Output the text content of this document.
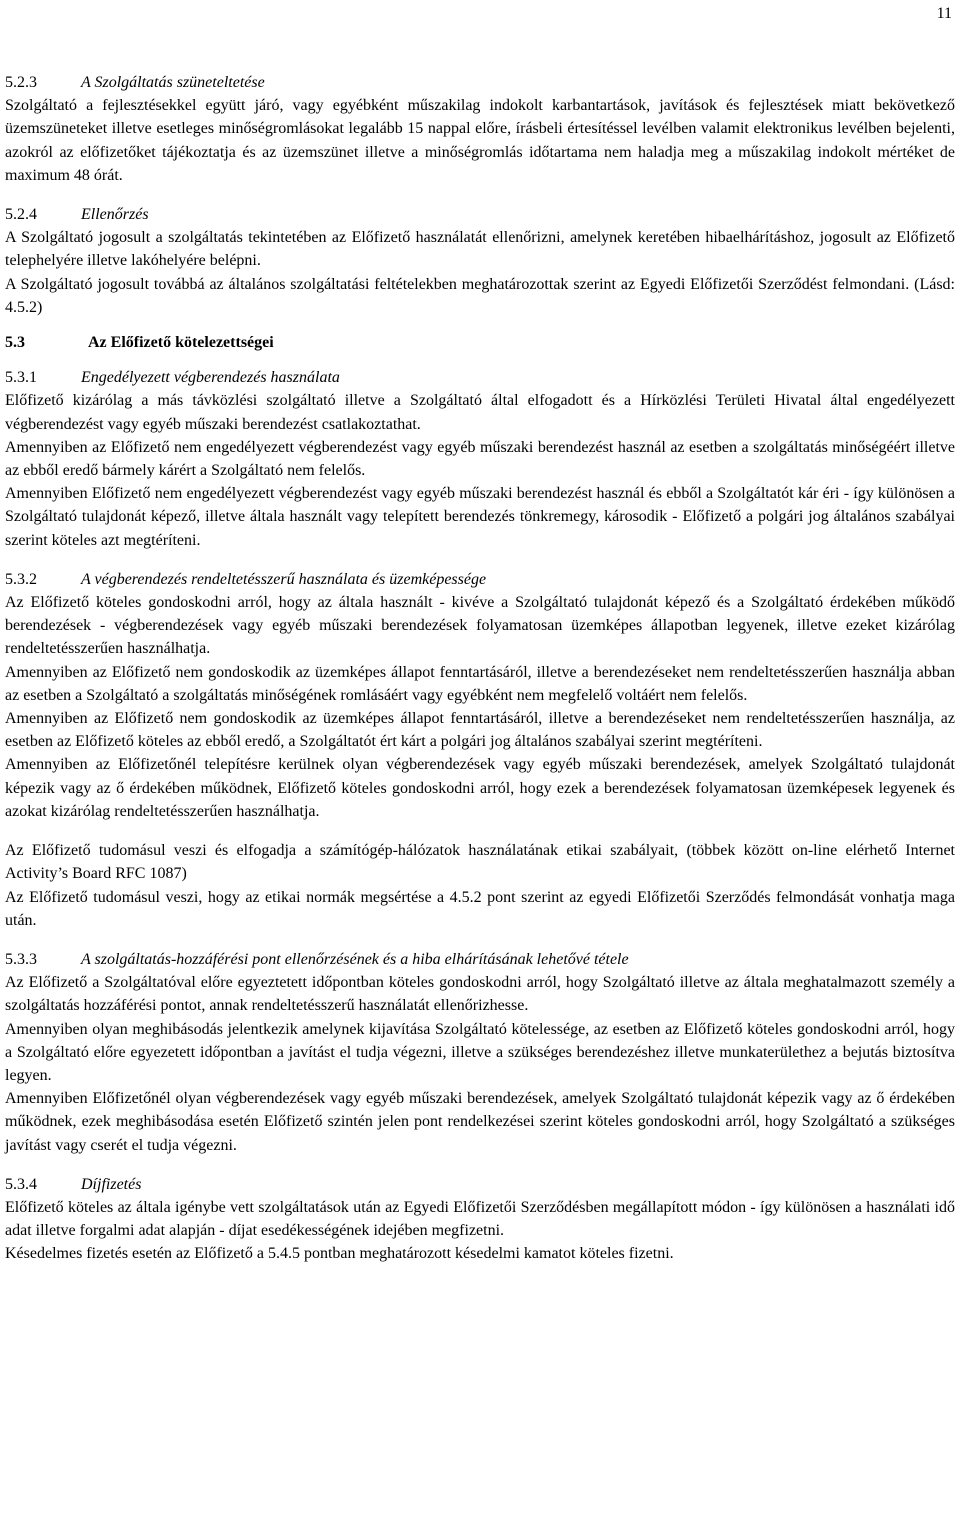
11
5.2.3	A Szolgáltatás szüneteltetése

Szolgáltató a fejlesztésekkel együtt járó, vagy egyébként műszakilag indokolt karbantartások, javítások és fejlesztések miatt bekövetkező üzemszüneteket illetve esetleges minőségromlásokat legalább 15 nappal előre, írásbeli értesítéssel levélben valamit elektronikus levélben bejelenti, azokról az előfizetőket tájékoztatja és az üzemszünet illetve a minőségromlás időtartama nem haladja meg a műszakilag indokolt mértéket de maximum 48 órát.

5.2.4	Ellenőrzés

A Szolgáltató jogosult a szolgáltatás tekintetében az Előfizető használatát ellenőrizni, amelynek keretében hibaelhárításhoz, jogosult az Előfizető telephelyére illetve lakóhelyére belépni.

A Szolgáltató jogosult továbbá az általános szolgáltatási feltételekben meghatározottak szerint az Egyedi Előfizetői Szerződést felmondani. (Lásd: 4.5.2)

5.3	Az Előfizető kötelezettségei
5.3.1	Engedélyezett végberendezés használata

Előfizető kizárólag a más távközlési szolgáltató illetve a Szolgáltató által elfogadott és a Hírközlési Területi Hivatal által engedélyezett végberendezést vagy egyéb műszaki berendezést csatlakoztathat.

Amennyiben az Előfizető nem engedélyezett végberendezést vagy egyéb műszaki berendezést használ az esetben a szolgáltatás minőségéért illetve az ebből eredő bármely kárért a Szolgáltató nem felelős.

Amennyiben Előfizető nem engedélyezett végberendezést vagy egyéb műszaki berendezést használ és ebből a Szolgáltatót kár éri - így különösen a Szolgáltató tulajdonát képező, illetve általa használt vagy telepített berendezés tönkremegy, károsodik - Előfizető a polgári jog általános szabályai szerint köteles azt megtéríteni.

5.3.2	A végberendezés rendeltetésszerű használata és üzemképessége

Az Előfizető köteles gondoskodni arról, hogy az általa használt - kivéve a Szolgáltató tulajdonát képező és a Szolgáltató érdekében működő berendezések - végberendezések vagy egyéb műszaki berendezések folyamatosan üzemképes állapotban legyenek, illetve ezeket kizárólag rendeltetésszerűen használhatja.

Amennyiben az Előfizető nem gondoskodik az üzemképes állapot fenntartásáról, illetve a berendezéseket nem rendeltetésszerűen használja abban az esetben a Szolgáltató a szolgáltatás minőségének romlásáért vagy egyébként nem megfelelő voltáért nem felelős.

Amennyiben az Előfizető nem gondoskodik az üzemképes állapot fenntartásáról, illetve a berendezéseket nem rendeltetésszerűen használja, az esetben az Előfizető köteles az ebből eredő, a Szolgáltatót ért kárt a polgári jog általános szabályai szerint megtéríteni.

Amennyiben az Előfizetőnél telepítésre kerülnek olyan végberendezések vagy egyéb műszaki berendezések, amelyek Szolgáltató tulajdonát képezik vagy az ő érdekében működnek, Előfizető köteles gondoskodni arról, hogy ezek a berendezések folyamatosan üzemképesek legyenek és azokat kizárólag rendeltetésszerűen használhatja.

Az Előfizető tudomásul veszi és elfogadja a számítógép-hálózatok használatának etikai szabályait, (többek között on-line elérhető Internet Activity’s Board RFC 1087)

Az Előfizető tudomásul veszi, hogy az etikai normák megsértése a 4.5.2 pont szerint az egyedi Előfizetői Szerződés felmondását vonhatja maga után.

5.3.3	A szolgáltatás-hozzáférési pont ellenőrzésének és a hiba elhárításának lehetővé tétele

Az Előfizető a Szolgáltatóval előre egyeztetett időpontban köteles gondoskodni arról, hogy Szolgáltató illetve az általa meghatalmazott személy a szolgáltatás hozzáférési pontot, annak rendeltetésszerű használatát ellenőrizhesse.

Amennyiben olyan meghibásodás jelentkezik amelynek kijavítása Szolgáltató kötelessége, az esetben az Előfizető köteles gondoskodni arról, hogy a Szolgáltató előre egyezetett időpontban a javítást el tudja végezni, illetve a szükséges berendezéshez illetve munkaterülethez a bejutás biztosítva legyen.

Amennyiben Előfizetőnél olyan végberendezések vagy egyéb műszaki berendezések, amelyek Szolgáltató tulajdonát képezik vagy az ő érdekében működnek, ezek meghibásodása esetén Előfizető szintén jelen pont rendelkezései szerint köteles gondoskodni arról, hogy Szolgáltató a szükséges javítást vagy cserét el tudja végezni.

5.3.4	Díjfizetés

Előfizető köteles az általa igénybe vett szolgáltatások után az Egyedi Előfizetői Szerződésben megállapított módon - így különösen a használati idő adat illetve forgalmi adat alapján - díjat esedékességének idejében megfizetni.

Késedelmes fizetés esetén az Előfizető a 5.4.5 pontban meghatározott késedelmi kamatot köteles fizetni.
